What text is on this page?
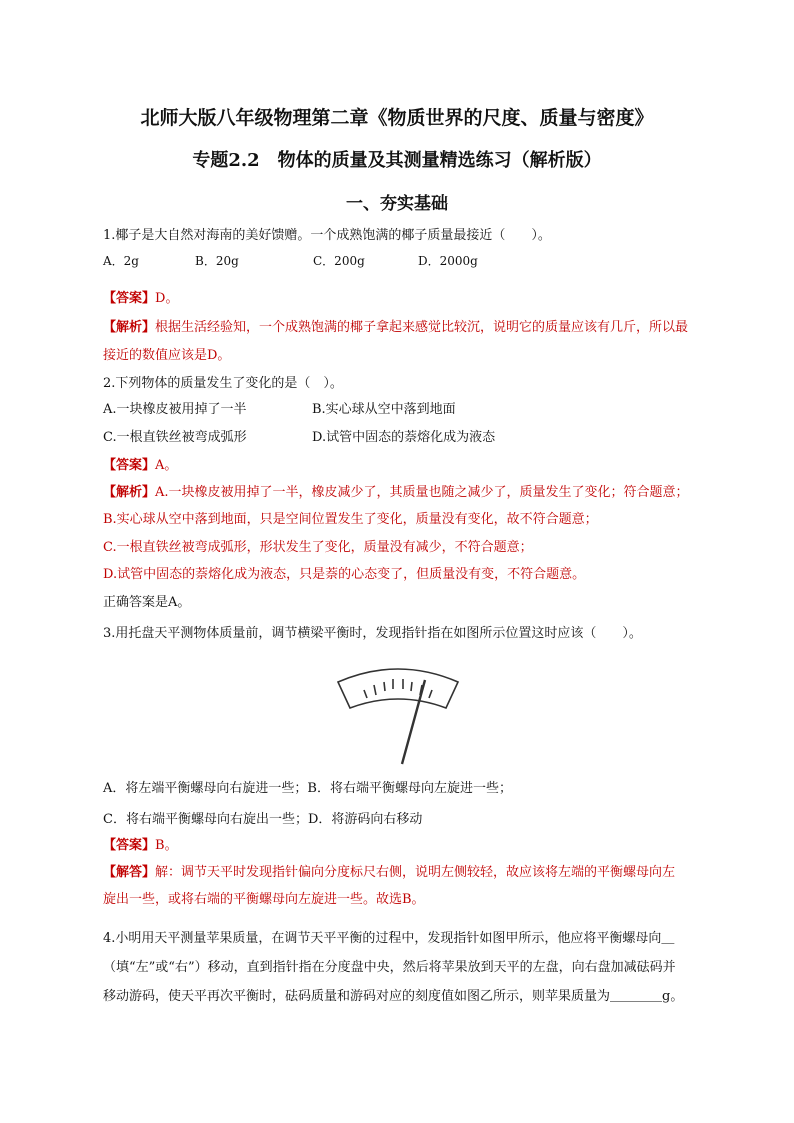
北师大版八年级物理第二章《物质世界的尺度、质量与密度》
专题2.2　物体的质量及其测量精选练习（解析版）
一、夯实基础
1.椰子是大自然对海南的美好馈赠。一个成熟饱满的椰子质量最接近（　　）。
A．2g	B．20g	C．200g	D．2000g
【答案】D。
【解析】根据生活经验知，一个成熟饱满的椰子拿起来感觉比较沉，说明它的质量应该有几斤，所以最
接近的数值应该是D。
2.下列物体的质量发生了变化的是（　）。
A.一块橡皮被用掉了一半	B.实心球从空中落到地面
C.一根直铁丝被弯成弧形	D.试管中固态的萘熔化成为液态
【答案】A。
【解析】A.一块橡皮被用掉了一半，橡皮减少了，其质量也随之减少了，质量发生了变化；符合题意；
B.实心球从空中落到地面，只是空间位置发生了变化，质量没有变化，故不符合题意；
C.一根直铁丝被弯成弧形，形状发生了变化，质量没有减少，不符合题意；
D.试管中固态的萘熔化成为液态，只是萘的心态变了，但质量没有变，不符合题意。
正确答案是A。
3.用托盘天平测物体质量前，调节横梁平衡时，发现指针指在如图所示位置这时应该（　　）。
A．将左端平衡螺母向右旋进一些；B．将右端平衡螺母向左旋进一些；
C．将右端平衡螺母向右旋出一些；D．将游码向右移动
【答案】B。
【解答】解：调节天平时发现指针偏向分度标尺右侧，说明左侧较轻，故应该将左端的平衡螺母向左
旋出一些，或将右端的平衡螺母向左旋进一些。故选B。
4.小明用天平测量苹果质量，在调节天平平衡的过程中，发现指针如图甲所示，他应将平衡螺母向＿
（填“左”或“右”）移动，直到指针指在分度盘中央，然后将苹果放到天平的左盘，向右盘加减砝码并
移动游码，使天平再次平衡时，砝码质量和游码对应的刻度值如图乙所示，则苹果质量为＿＿＿＿g。
